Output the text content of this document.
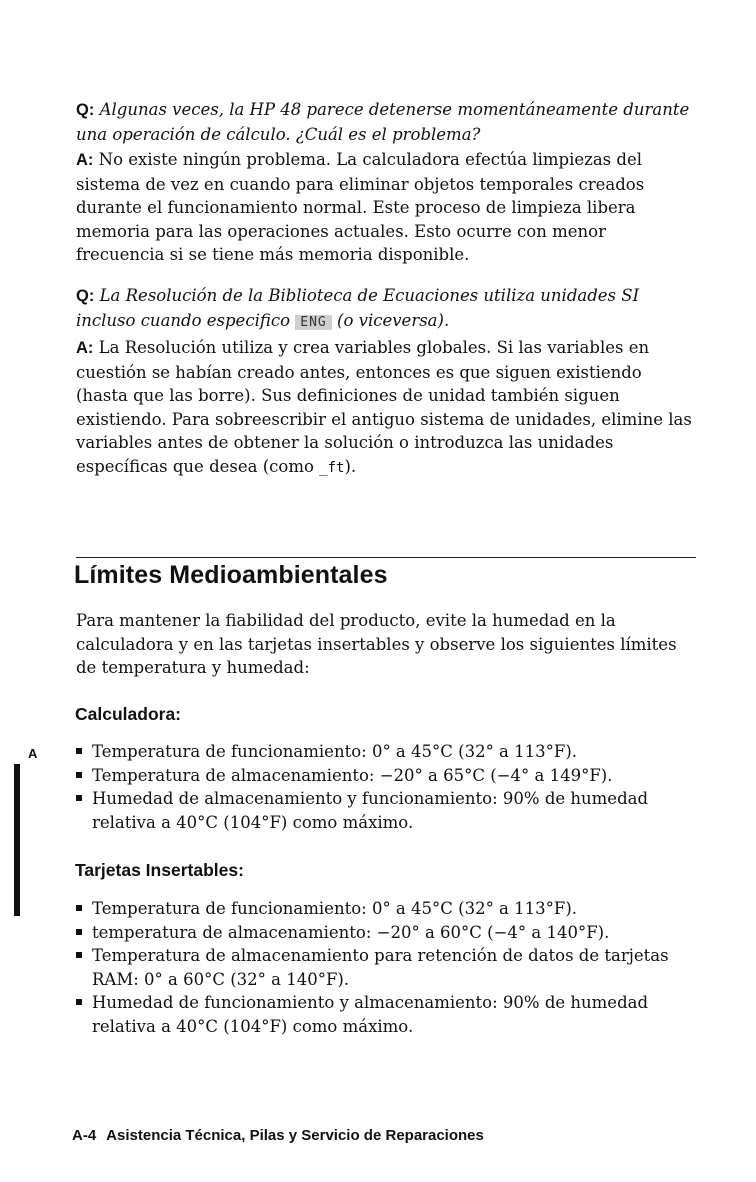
Q: Algunas veces, la HP 48 parece detenerse momentáneamente durante una operación de cálculo. ¿Cuál es el problema?
A: No existe ningún problema. La calculadora efectúa limpiezas del sistema de vez en cuando para eliminar objetos temporales creados durante el funcionamiento normal. Este proceso de limpieza libera memoria para las operaciones actuales. Esto ocurre con menor frecuencia si se tiene más memoria disponible.
Q: La Resolución de la Biblioteca de Ecuaciones utiliza unidades SI incluso cuando especifico ENG (o viceversa).
A: La Resolución utiliza y crea variables globales. Si las variables en cuestión se habían creado antes, entonces es que siguen existiendo (hasta que las borre). Sus definiciones de unidad también siguen existiendo. Para sobreescribir el antiguo sistema de unidades, elimine las variables antes de obtener la solución o introduzca las unidades específicas que desea (como _ft).
Límites Medioambientales
Para mantener la fiabilidad del producto, evite la humedad en la calculadora y en las tarjetas insertables y observe los siguientes límites de temperatura y humedad:
Calculadora:
Temperatura de funcionamiento: 0° a 45°C (32° a 113°F).
Temperatura de almacenamiento: −20° a 65°C (−4° a 149°F).
Humedad de almacenamiento y funcionamiento: 90% de humedad relativa a 40°C (104°F) como máximo.
Tarjetas Insertables:
Temperatura de funcionamiento: 0° a 45°C (32° a 113°F).
temperatura de almacenamiento: −20° a 60°C (−4° a 140°F).
Temperatura de almacenamiento para retención de datos de tarjetas RAM: 0° a 60°C (32° a 140°F).
Humedad de funcionamiento y almacenamiento: 90% de humedad relativa a 40°C (104°F) como máximo.
A
A-4 Asistencia Técnica, Pilas y Servicio de Reparaciones
